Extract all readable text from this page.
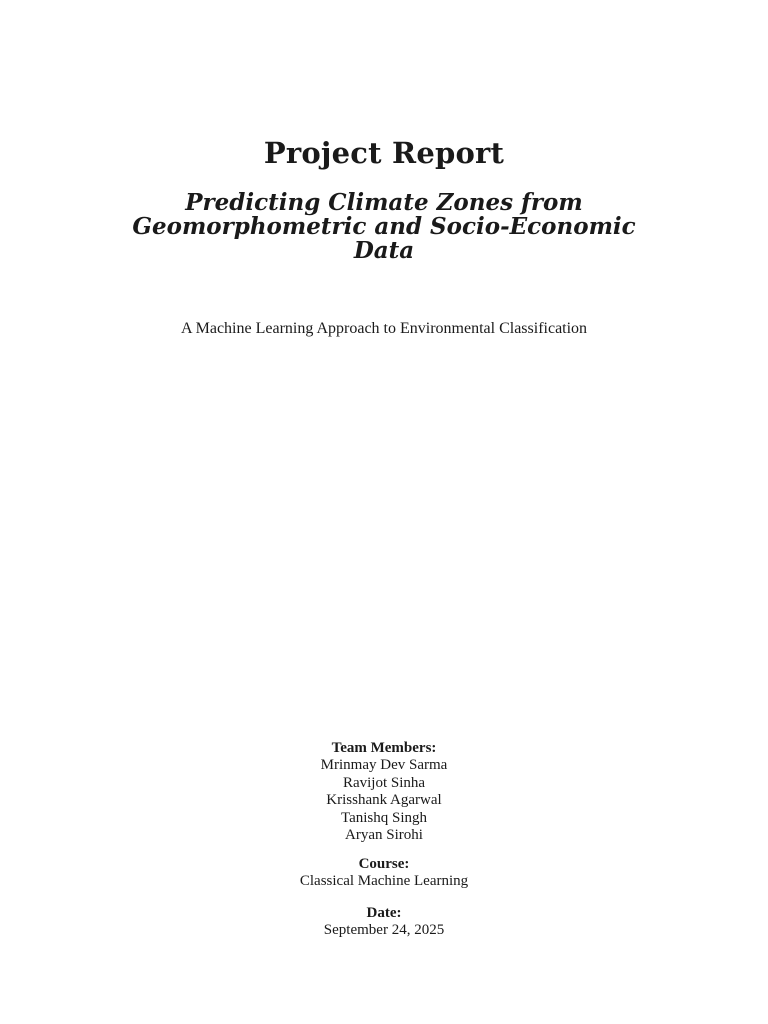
Project Report
Predicting Climate Zones from
Geomorphometric and Socio-Economic
Data
A Machine Learning Approach to Environmental Classification
Team Members:
Mrinmay Dev Sarma
Ravijot Sinha
Krisshank Agarwal
Tanishq Singh
Aryan Sirohi
Course:
Classical Machine Learning
Date:
September 24, 2025
